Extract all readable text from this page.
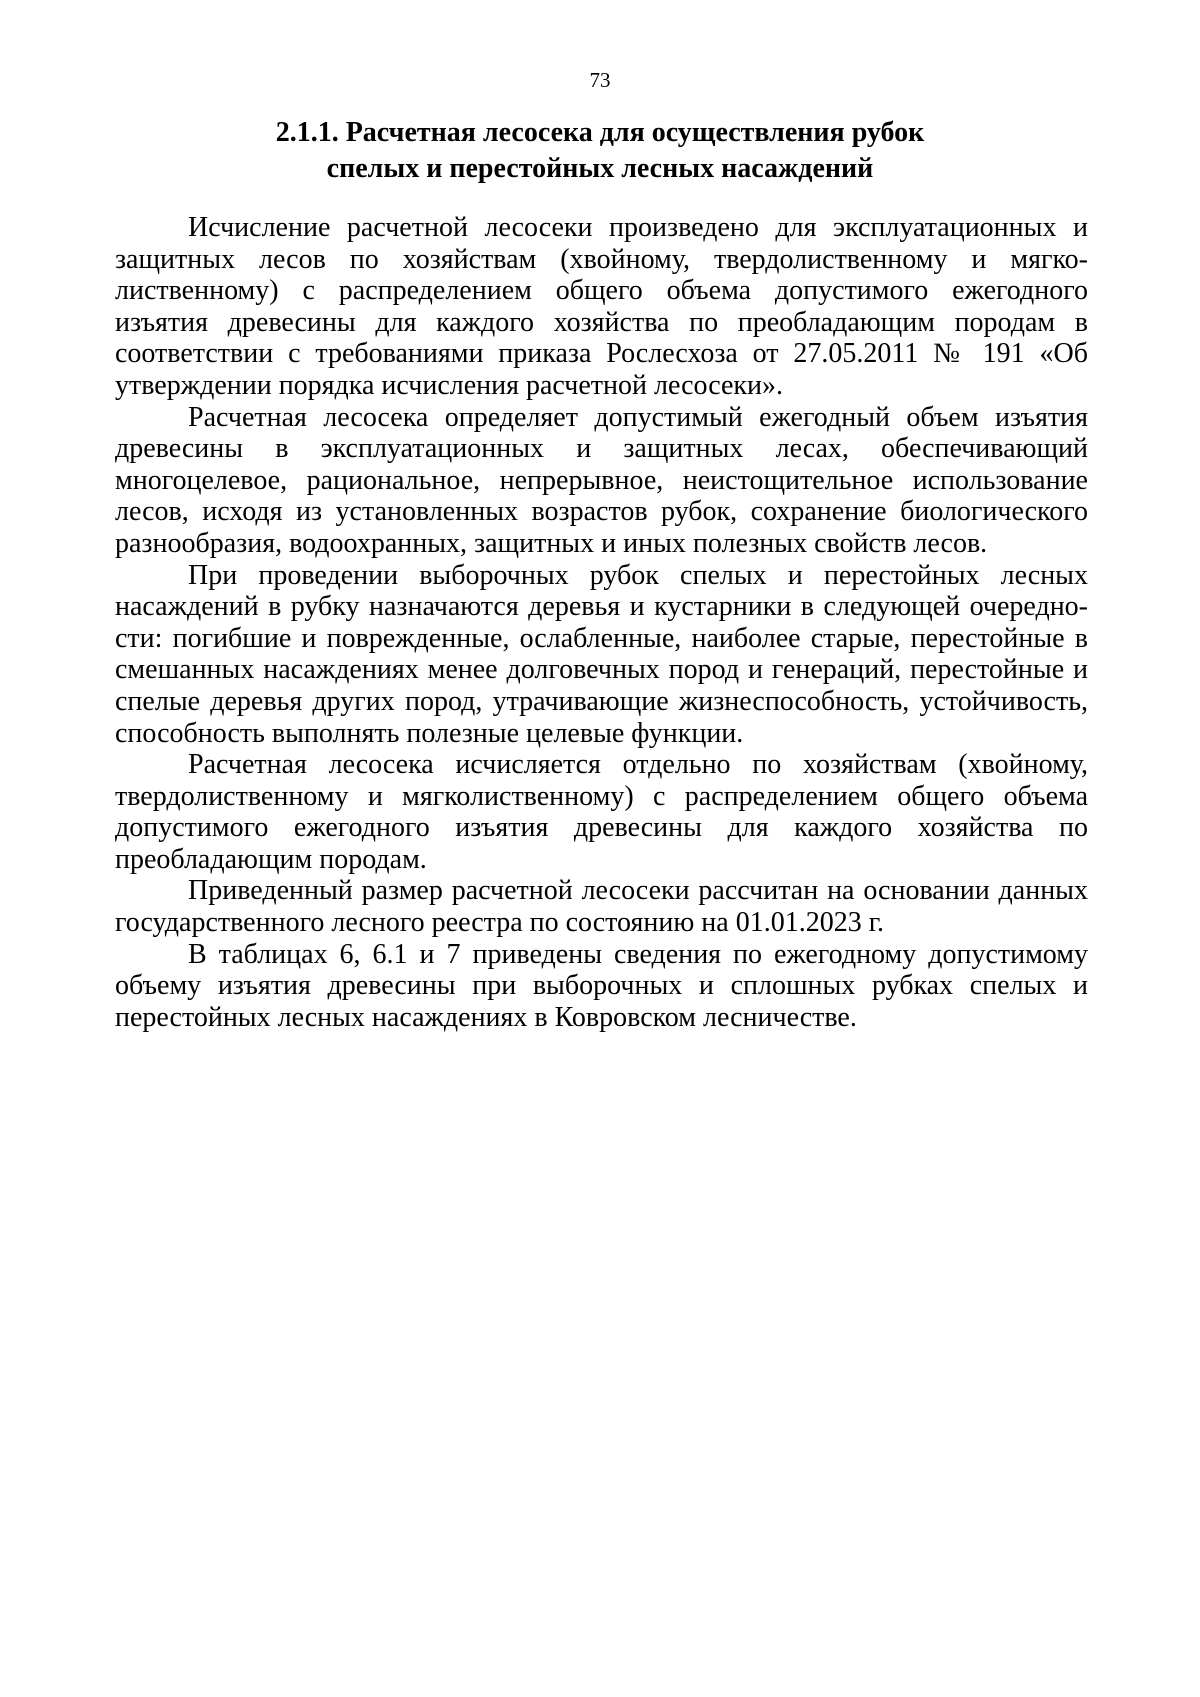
73
2.1.1. Расчетная лесосека для осуществления рубок
спелых и перестойных лесных насаждений
Исчисление расчетной лесосеки произведено для эксплуатационных и
защитных лесов по хозяйствам (хвойному, твердолиственному и мягко-
лиственному) с распределением общего объема допустимого ежегодного
изъятия древесины для каждого хозяйства по преобладающим породам в
соответствии с требованиями приказа Рослесхоза от 27.05.2011 № 191 «Об
утверждении порядка исчисления расчетной лесосеки».
Расчетная лесосека определяет допустимый ежегодный объем изъятия
древесины в эксплуатационных и защитных лесах, обеспечивающий
многоцелевое, рациональное, непрерывное, неистощительное использование
лесов, исходя из установленных возрастов рубок, сохранение биологического
разнообразия, водоохранных, защитных и иных полезных свойств лесов.
При проведении выборочных рубок спелых и перестойных лесных
насаждений в рубку назначаются деревья и кустарники в следующей очередно-
сти: погибшие и поврежденные, ослабленные, наиболее старые, перестойные в
смешанных насаждениях менее долговечных пород и генераций, перестойные и
спелые деревья других пород, утрачивающие жизнеспособность, устойчивость,
способность выполнять полезные целевые функции.
Расчетная лесосека исчисляется отдельно по хозяйствам (хвойному,
твердолиственному и мягколиственному) с распределением общего объема
допустимого ежегодного изъятия древесины для каждого хозяйства по
преобладающим породам.
Приведенный размер расчетной лесосеки рассчитан на основании данных
государственного лесного реестра по состоянию на 01.01.2023 г.
В таблицах 6, 6.1 и 7 приведены сведения по ежегодному допустимому
объему изъятия древесины при выборочных и сплошных рубках спелых и
перестойных лесных насаждениях в Ковровском лесничестве.
